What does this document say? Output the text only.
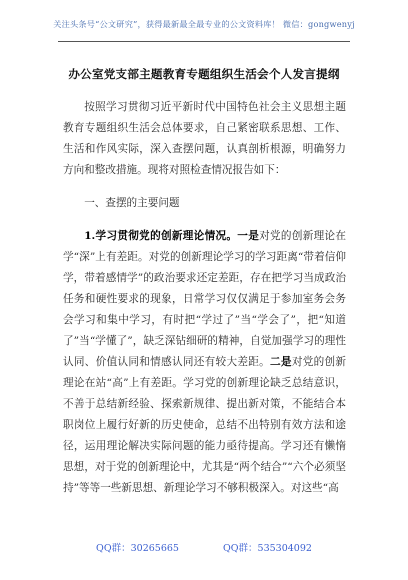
关注头条号“公文研究”，获得最新最全最专业的公文资料库！ 微信：gongwenyj
办公室党支部主题教育专题组织生活会个人发言提纲

按照学习贯彻习近平新时代中国特色社会主义思想主题教育专题组织生活会总体要求，自己紧密联系思想、工作、生活和作风实际，深入查摆问题，认真剖析根源，明确努力方向和整改措施。现将对照检查情况报告如下：

一、查摆的主要问题

1.学习贯彻党的创新理论情况。一是对党的创新理论在学“深”上有差距。对党的创新理论学习的学习距离“带着信仰学，带着感情学”的政治要求还定差距，存在把学习当成政治任务和硬性要求的现象，日常学习仅仅满足于参加室务会务会学习和集中学习，有时把“学过了”当“学会了”，把“知道了”当“学懂了”，缺乏深钻细研的精神，自觉加强学习的理性认同、价值认同和情感认同还有较大差距。二是对党的创新理论在站“高”上有差距。学习党的创新理论缺乏总结意识，不善于总结新经验、探索新规律、提出新对策，不能结合本职岗位上履行好新的历史使命，总结不出特别有效方法和途径，运用理论解决实际问题的能力亟待提高。学习还有懒惰思想，对于党的创新理论中，尤其是“两个结合”“六个必须坚持”等等一些新思想、新理论学习不够积极深入。对这些“高

QQ群：30265665	QQ群：535304092
